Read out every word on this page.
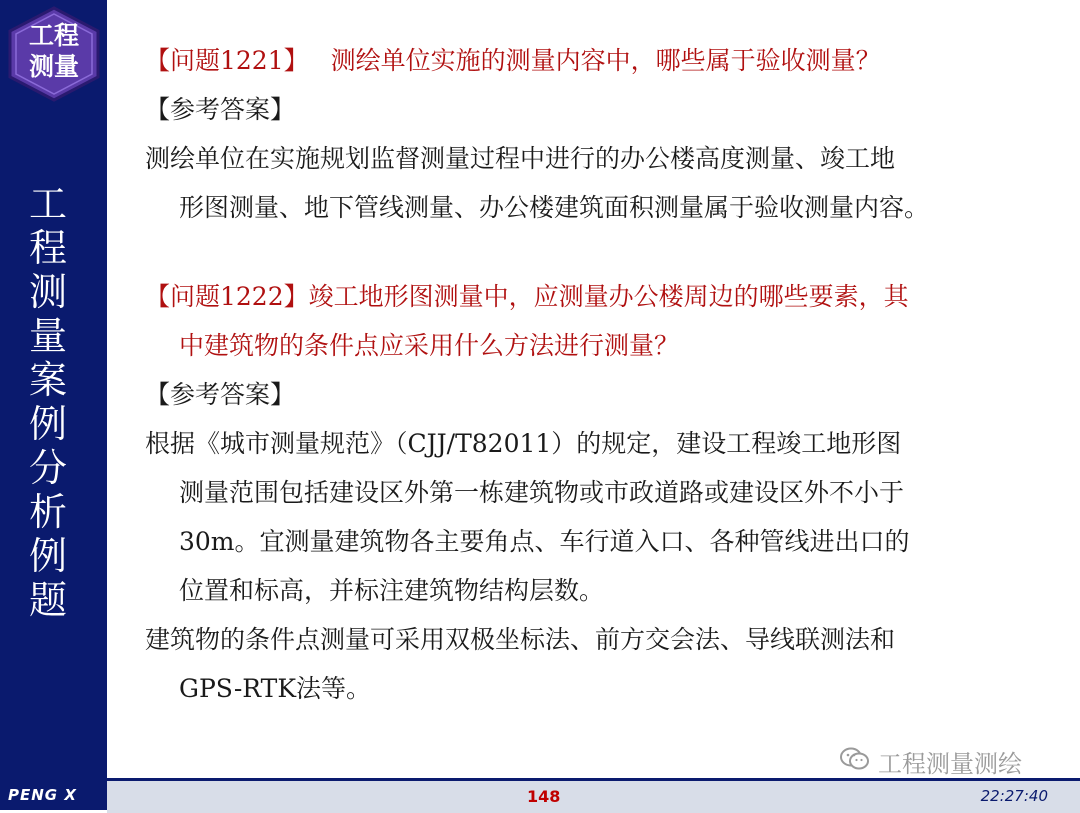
工程
测量
工程测量案例分析例题
PENG X
【问题1221】 测绘单位实施的测量内容中，哪些属于验收测量？
【参考答案】
测绘单位在实施规划监督测量过程中进行的办公楼高度测量、竣工地
形图测量、地下管线测量、办公楼建筑面积测量属于验收测量内容。
【问题1222】竣工地形图测量中，应测量办公楼周边的哪些要素，其
中建筑物的条件点应采用什么方法进行测量？
【参考答案】
根据《城市测量规范》（CJJ/T82011）的规定，建设工程竣工地形图
测量范围包括建设区外第一栋建筑物或市政道路或建设区外不小于
30m。宜测量建筑物各主要角点、车行道入口、各种管线进出口的
位置和标高，并标注建筑物结构层数。
建筑物的条件点测量可采用双极坐标法、前方交会法、导线联测法和
GPS-RTK法等。
工程测量测绘
148	22:27:40
